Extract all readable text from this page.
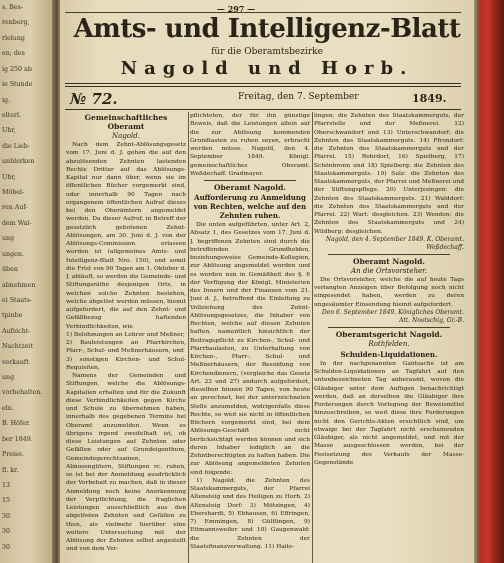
s. Bes-
renberg,
rlelung
en; des
ig 250 ab
ie Stunde
ig.
elterl.
Uhr,
die Lieb-
unblerken
Uhr,
Möbel-
ren Auf-
dem Wal-
ung
ungen.
üben
abnehmen
ei Staats-
tpinbe
Aufsicht-
Nachtzeit
verkauft.
ung
vorbehalten.
eln.
B. Höfer.
ber 1849.
Preise.
fl. kr.
13
15
30
30
30
— 297 —
Amts- und Intelligenz-Blatt
für die Oberamtsbezirke
Nagold und Horb.
№ 72.	Freitag, den 7. September	1849.
Gemeinschaftliches Oberamt
Nagold.
Nach dem Zehnt-Ablösungsgesetz vom 17. Juni d. J. gehen die auf den abzulösenden Zehnten lastenden Rechte Dritter auf das Ablösungs-Kapital nur dann über, wenn sie im öffentlichen Bücher vorgemerkt sind, oder innerhalb 90 Tagen nach ergangenem öffentlichen Aufruf dieses bei den Oberämtern angemeldet werden. Da dieser Aufruf, in Betreff der gesetzlich gebotenen Zehnt-Ablösungen, am 30. Juni d. J. von der Ablösungs-Commission erlassen worden ist (allgemeines Amts- und Intelligenz-Blatt Nro. 150), und somit die Frist von 90 Tagen am 1. Oktober d. J. abläuft, so werden die Gemeinde- und Stiftungsräthe desjenigen Orts, in welchen solche Zehnten bestehen, welche abgelöst werden müssen, hiemit aufgefordert, die auf den Zehnt- und Gefällbezug haftenden Verbindlichkeiten, wie
1) Belohnungen an Lehrer und Meßner,
2) Bauleistungen an Pfarrkirchen, Pfarr-, Schul- und Meßnerhäusern, und
3) sonstigen Kirchen- und Schul-Requisiten,
Namens der Gemeinden und Stiftungen, welche die Ablösungs-Kapitalien erhalten und für die Zukunft diese Verbindlichkeiten gegen Kirche und Schule zu übernehmen haben, innerhalb des gegebenen Termins bei Oberamt anzumelden. Wenn es übrigens irgend zweifelhaft ist, ob diese Leistungen auf Zehnten oder Gefällen oder auf Grundeigenthum, Gemeindegerechtsamen, Almosengütern, Stiftungen rc. ruhen, so ist bei der Anmeldung ausdrücklich der Vorbehalt zu machen, daß in dieser Anmeldung noch keine Anerkennung der Verpflichtung, die fraglichen Leistungen ausschließlich aus den abgelösten Zehnten und Gefällen zu thun, als vielmehr hierüber eine weitere Untersuchung mit der Ablösung der Zehnten selbst angestellt und von dem Ver-
pflichteten, der für ihn günstige Beweis, daß die Leistungen allein auf die zur Ablösung kommenden Grundlasten zu ruhen seyen, erbracht werden müsse. Nagold, den 4. September 1849. Königl. gemeinschaftliches Oberamt. Weßdechaff. Gradmayer.
Oberamt Nagold.
Aufforderung zu Anmeldung von Rechten, welche auf den Zehnten ruhen.
Die unten aufgeführten, unter Art. 2, Absatz 1, des Gesetzes vom 17. Juni d. J. begriffenen Zehnten sind durch die betreffenden Grundholden, beziehungsweise Gemeinde-Kollegien, zur Ablösung angemeldet worden und es werden nun in Gemäßheit des §. 6 der Verfügung der Königl. Ministerien des Innern und der Finanzen vom 21. Juni d. J., betreffend die Einleitung zu Vollziehung des Zehnt-Ablösungsgesetzes, die Inhaber von Rechten, welche auf diesen Zehnten haften, namentlich hinsichtlich der Beitragspflicht zu Kirchen-, Schul- und Pfarrbaulasten, zu Unterhaltung von Kirchen-, Pfarr-, Schul- und Meßnerhäusern, der Besoldung von Kirchendienern, (vergleiche das Gesetz Art. 22 und 27) andurch aufgefordert, dieselben binnen 90 Tagen, von heute an gerechnet, bei der unterzeichneten Stelle anzumelden, widrigenfalls diese Rechte, so weit sie nicht in öffentlichen Büchern vorgemerkt sind, bei dem Ablösungs-Geschäft nicht berücksichtigt werden können und sich deren Inhaber lediglich an die Zehntberechtigten zu halten haben. Die zur Ablösung angemeldeten Zehnten sind folgende:
1) Nagold: die Zehnten des Staatskammerguts, der Pfarrei Altensteig und des Heiligen zu Horb. 2) Altensteig Dorf: 3) Mötzingen, 4) Ebershardt, 5) Ebhausen, 6) Effringen, 7) Emmingen, 8) Gültlingen, 9) Ettmannsweiler und 10) Gaugenwald: die Zehnten der Staatsfinanzverwaltung. 11) Haite-
lingen: die Zehnten des Staatskammerguts, der Pfarrstelle und der Meßnerei. 12) Oberschwandorf und 13) Unterschwandorf: die Zehnten des Staatskammerguts. 14) Pfrondorf: die Zehnten des Staatskammerguts und der Pfarrei. 15) Rohrdorf, 16) Spielberg, 17) Schönbronn und 18) Spielberg: die Zehnten des Staatskammerguts. 19) Sulz: die Zehnten des Staatskammerguts, der Pfarrei und Meßnerei und der Stiftungspflege. 20) Unterjesingen: die Zehnten des Staatskammerguts. 21) Walddorf: die Zehnten des Staatskammerguts und der Pfarrei. 22) Wart: desgleichen. 23) Wenden: die Zehnten des Staatskammerguts und 24) Wildberg: desgleichen.
Nagold, den 4. September 1849. K. Oberamt. Weßdechaff.
Oberamt Nagold.
An die Ortsvorsteher.
Die Ortsvorsteher, welche die auf heute Tags verlangten Anzeigen über Befolgung noch nicht eingesendet haben, werden zu deren ungesäumter Einsendung hiemit aufgefordert.
Den 6. September 1849. Königliches Oberamt. Att. Nootschig, Gr.-B.
Oberamtsgericht Nagold.
Rothfelden.
Schulden-Liquidationen.
In der nachgenannten Gantsache ist am Schulden-Liquidationen an Tagfahrt auf den untenbezeichneten Tag anberaumt, wovon die Gläubiger unter dem Anfügen benachrichtigt werden, daß an derselben die Gläubiger ihre Forderungen durch Vorlegung der Beweismittel hinzuschreiben, so weit diese ihre Forderungen nicht den Gerichts-Akten ersichtlich sind, um etwaige bei der Tagfahrt nicht erscheinenden Gläubiger, als nicht angemeldet, und mit der Masse ausgeschlossen werden, bei der Festsetzung des Verkaufs der Masse-Gegenstände
